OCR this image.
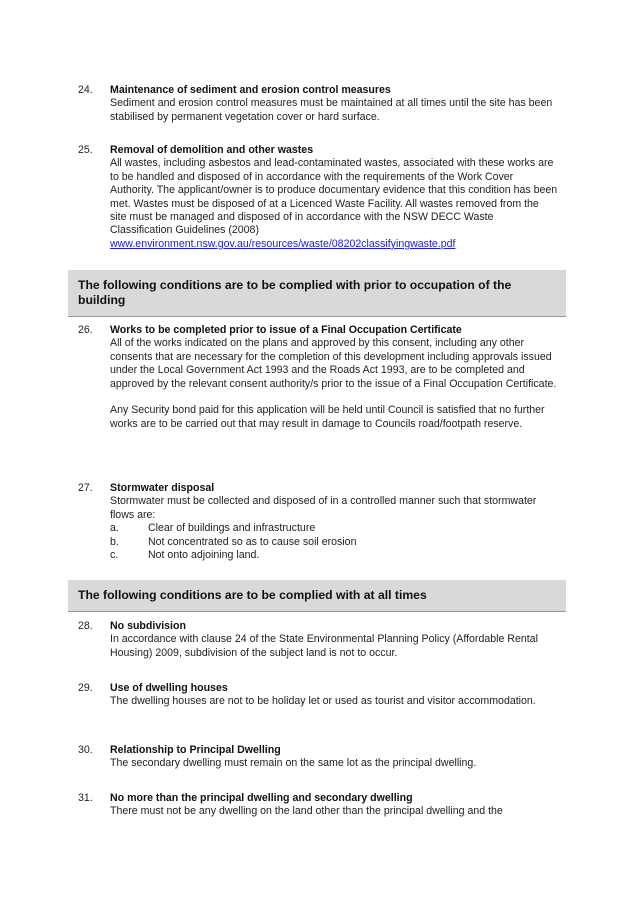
24.	Maintenance of sediment and erosion control measures

Sediment and erosion control measures must be maintained at all times until the site has been stabilised by permanent vegetation cover or hard surface.

25.	Removal of demolition and other wastes

All wastes, including asbestos and lead-contaminated wastes, associated with these works are to be handled and disposed of in accordance with the requirements of the Work Cover Authority. The applicant/owner is to produce documentary evidence that this condition has been met. Wastes must be disposed of at a Licenced Waste Facility. All wastes removed from the site must be managed and disposed of in accordance with the NSW DECC Waste Classification Guidelines (2008)

www.environment.nsw.gov.au/resources/waste/08202classifyingwaste.pdf
The following conditions are to be complied with prior to occupation of the building
26.	Works to be completed prior to issue of a Final Occupation Certificate

All of the works indicated on the plans and approved by this consent, including any other consents that are necessary for the completion of this development including approvals issued under the Local Government Act 1993 and the Roads Act 1993, are to be completed and approved by the relevant consent authority/s prior to the issue of a Final Occupation Certificate.

Any Security bond paid for this application will be held until Council is satisfied that no further works are to be carried out that may result in damage to Councils road/footpath reserve.

27.	Stormwater disposal

Stormwater must be collected and disposed of in a controlled manner such that stormwater flows are:

a.	Clear of buildings and infrastructure
b.	Not concentrated so as to cause soil erosion
c.	Not onto adjoining land.
The following conditions are to be complied with at all times
28.	No subdivision

In accordance with clause 24 of the State Environmental Planning Policy (Affordable Rental Housing) 2009, subdivision of the subject land is not to occur.

29.	Use of dwelling houses

The dwelling houses are not to be holiday let or used as tourist and visitor accommodation.

30.	Relationship to Principal Dwelling

The secondary dwelling must remain on the same lot as the principal dwelling.

31.	No more than the principal dwelling and secondary dwelling

There must not be any dwelling on the land other than the principal dwelling and the
